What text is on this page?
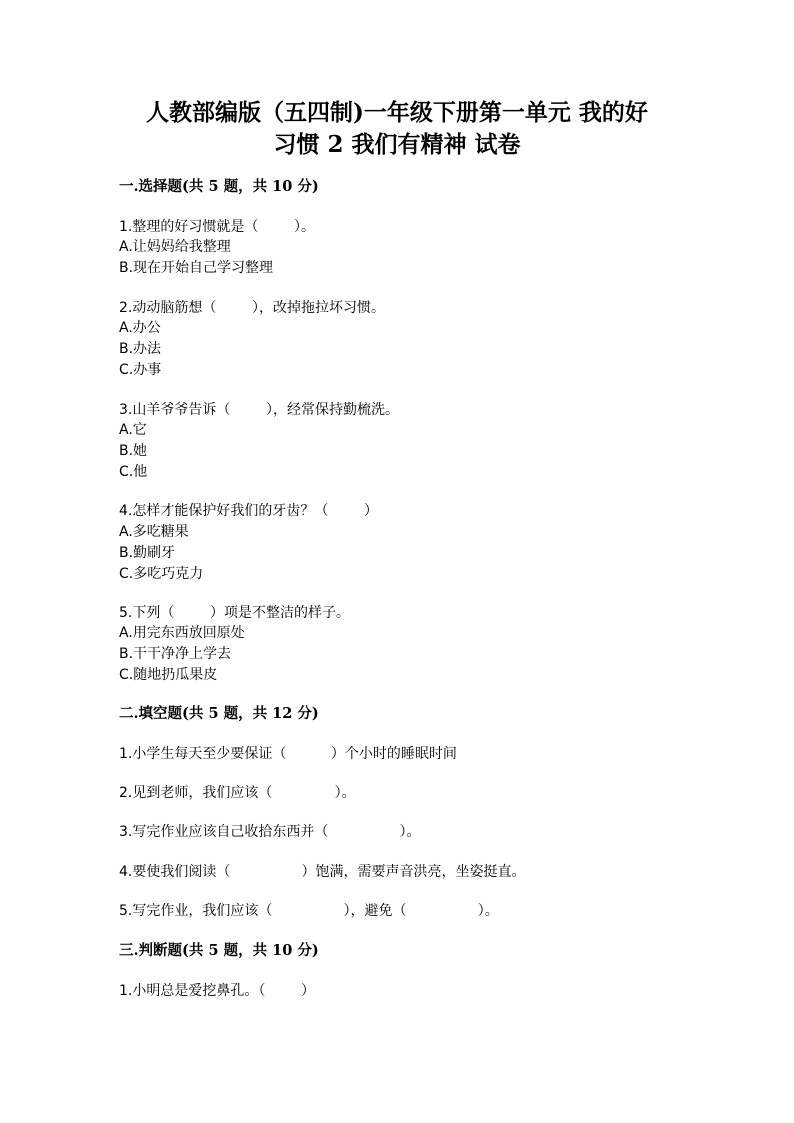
人教部编版（五四制)一年级下册第一单元 我的好
习惯 2 我们有精神 试卷
一.选择题(共 5 题，共 10 分)
1.整理的好习惯就是（        ）。
A.让妈妈给我整理
B.现在开始自己学习整理
2.动动脑筋想（        ），改掉拖拉坏习惯。
A.办公
B.办法
C.办事
3.山羊爷爷告诉（        ），经常保持勤梳洗。
A.它
B.她
C.他
4.怎样才能保护好我们的牙齿？（        ）
A.多吃糖果
B.勤刷牙
C.多吃巧克力
5.下列（        ）项是不整洁的样子。
A.用完东西放回原处
B.干干净净上学去
C.随地扔瓜果皮
二.填空题(共 5 题，共 12 分)
1.小学生每天至少要保证（          ）个小时的睡眠时间
2.见到老师，我们应该（              ）。
3.写完作业应该自己收拾东西并（                ）。
4.要使我们阅读（                ）饱满，需要声音洪亮，坐姿挺直。
5.写完作业，我们应该（                ），避免（                ）。
三.判断题(共 5 题，共 10 分)
1.小明总是爱挖鼻孔。（        ）
